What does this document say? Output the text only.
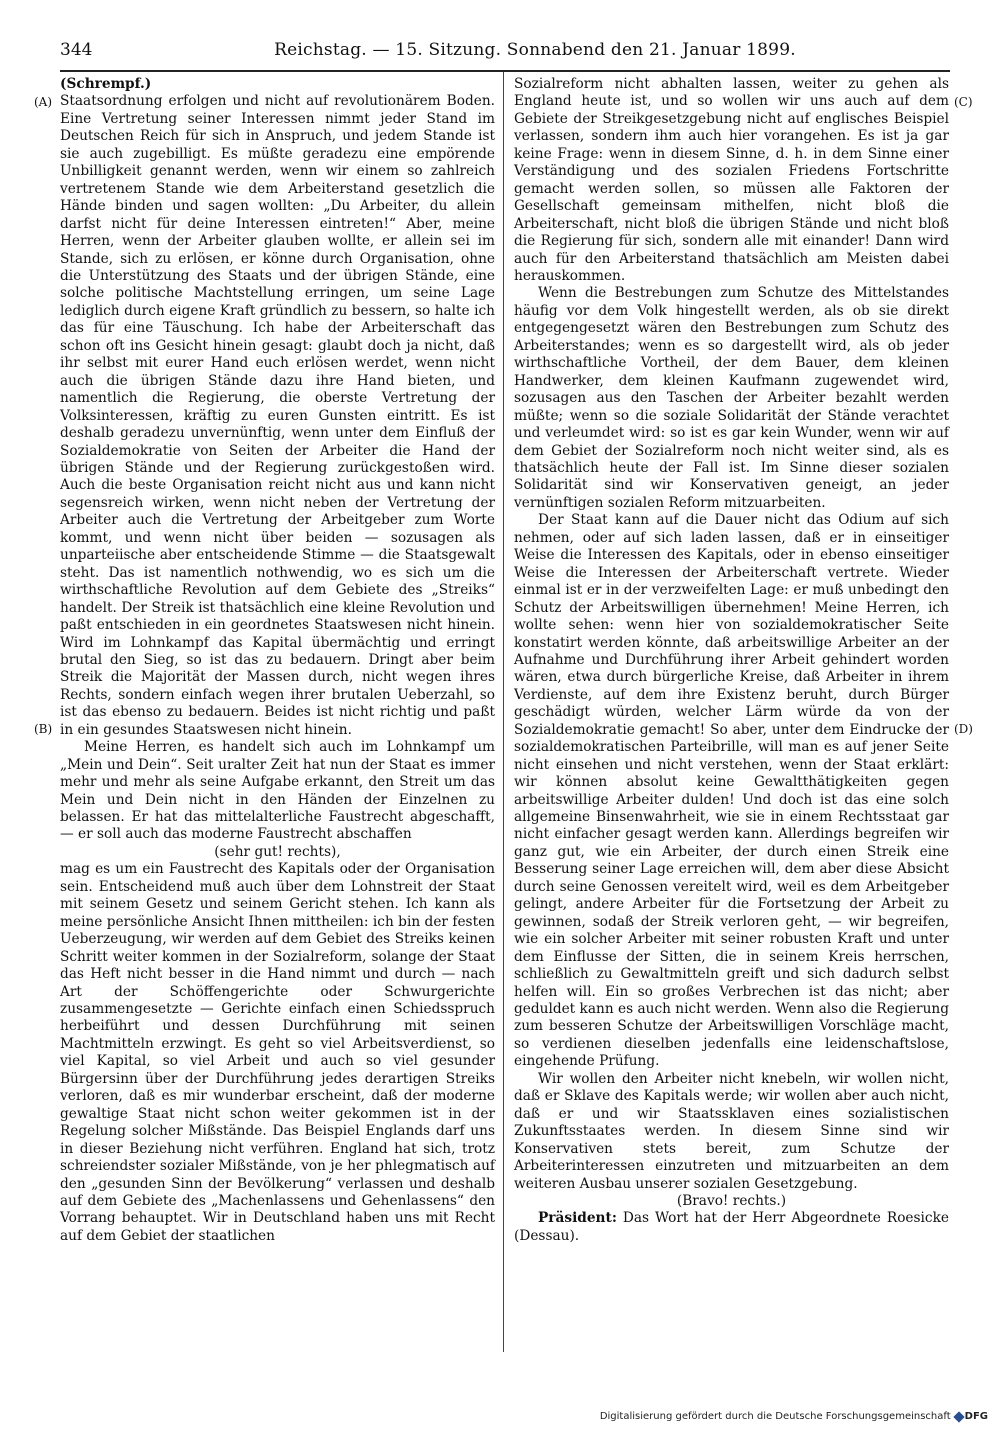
344	Reichstag. — 15. Sitzung. Sonnabend den 21. Januar 1899.
(A)
(B)
(C)
(D)

(Schrempf.)

Staatsordnung erfolgen und nicht auf revolutionärem Boden. Eine Vertretung seiner Interessen nimmt jeder Stand im Deutschen Reich für sich in Anspruch, und jedem Stande ist sie auch zugebilligt. Es müßte geradezu eine empörende Unbilligkeit genannt werden, wenn wir einem so zahlreich vertretenem Stande wie dem Arbeiterstand gesetzlich die Hände binden und sagen wollten: „Du Arbeiter, du allein darfst nicht für deine Interessen eintreten!“ Aber, meine Herren, wenn der Arbeiter glauben wollte, er allein sei im Stande, sich zu erlösen, er könne durch Organisation, ohne die Unterstützung des Staats und der übrigen Stände, eine solche politische Machtstellung erringen, um seine Lage lediglich durch eigene Kraft gründlich zu bessern, so halte ich das für eine Täuschung. Ich habe der Arbeiterschaft das schon oft ins Gesicht hinein gesagt: glaubt doch ja nicht, daß ihr selbst mit eurer Hand euch erlösen werdet, wenn nicht auch die übrigen Stände dazu ihre Hand bieten, und namentlich die Regierung, die oberste Vertretung der Volksinteressen, kräftig zu euren Gunsten eintritt. Es ist deshalb geradezu unvernünftig, wenn unter dem Einfluß der Sozialdemokratie von Seiten der Arbeiter die Hand der übrigen Stände und der Regierung zurückgestoßen wird. Auch die beste Organisation reicht nicht aus und kann nicht segensreich wirken, wenn nicht neben der Vertretung der Arbeiter auch die Vertretung der Arbeitgeber zum Worte kommt, und wenn nicht über beiden — sozusagen als unparteiische aber entscheidende Stimme — die Staatsgewalt steht. Das ist namentlich nothwendig, wo es sich um die wirthschaftliche Revolution auf dem Gebiete des „Streiks“ handelt. Der Streik ist thatsächlich eine kleine Revolution und paßt entschieden in ein geordnetes Staatswesen nicht hinein. Wird im Lohnkampf das Kapital übermächtig und erringt brutal den Sieg, so ist das zu bedauern. Dringt aber beim Streik die Majorität der Massen durch, nicht wegen ihres Rechts, sondern einfach wegen ihrer brutalen Ueberzahl, so ist das ebenso zu bedauern. Beides ist nicht richtig und paßt in ein gesundes Staatswesen nicht hinein.

Meine Herren, es handelt sich auch im Lohnkampf um „Mein und Dein“. Seit uralter Zeit hat nun der Staat es immer mehr und mehr als seine Aufgabe erkannt, den Streit um das Mein und Dein nicht in den Händen der Einzelnen zu belassen. Er hat das mittelalterliche Faustrecht abgeschafft, — er soll auch das moderne Faustrecht abschaffen

(sehr gut! rechts),

mag es um ein Faustrecht des Kapitals oder der Organisation sein. Entscheidend muß auch über dem Lohnstreit der Staat mit seinem Gesetz und seinem Gericht stehen. Ich kann als meine persönliche Ansicht Ihnen mittheilen: ich bin der festen Ueberzeugung, wir werden auf dem Gebiet des Streiks keinen Schritt weiter kommen in der Sozialreform, solange der Staat das Heft nicht besser in die Hand nimmt und durch — nach Art der Schöffengerichte oder Schwurgerichte zusammengesetzte — Gerichte einfach einen Schiedsspruch herbeiführt und dessen Durchführung mit seinen Machtmitteln erzwingt. Es geht so viel Arbeitsverdienst, so viel Kapital, so viel Arbeit und auch so viel gesunder Bürgersinn über der Durchführung jedes derartigen Streiks verloren, daß es mir wunderbar erscheint, daß der moderne gewaltige Staat nicht schon weiter gekommen ist in der Regelung solcher Mißstände. Das Beispiel Englands darf uns in dieser Beziehung nicht verführen. England hat sich, trotz schreiendster sozialer Mißstände, von je her phlegmatisch auf den „gesunden Sinn der Bevölkerung“ verlassen und deshalb auf dem Gebiete des „Machenlassens und Gehenlassens“ den Vorrang behauptet. Wir in Deutschland haben uns mit Recht auf dem Gebiet der staatlichen

Sozialreform nicht abhalten lassen, weiter zu gehen als England heute ist, und so wollen wir uns auch auf dem Gebiete der Streikgesetzgebung nicht auf englisches Beispiel verlassen, sondern ihm auch hier vorangehen. Es ist ja gar keine Frage: wenn in diesem Sinne, d. h. in dem Sinne einer Verständigung und des sozialen Friedens Fortschritte gemacht werden sollen, so müssen alle Faktoren der Gesellschaft gemeinsam mithelfen, nicht bloß die Arbeiterschaft, nicht bloß die übrigen Stände und nicht bloß die Regierung für sich, sondern alle mit einander! Dann wird auch für den Arbeiterstand thatsächlich am Meisten dabei herauskommen.

Wenn die Bestrebungen zum Schutze des Mittelstandes häufig vor dem Volk hingestellt werden, als ob sie direkt entgegengesetzt wären den Bestrebungen zum Schutz des Arbeiterstandes; wenn es so dargestellt wird, als ob jeder wirthschaftliche Vortheil, der dem Bauer, dem kleinen Handwerker, dem kleinen Kaufmann zugewendet wird, sozusagen aus den Taschen der Arbeiter bezahlt werden müßte; wenn so die soziale Solidarität der Stände verachtet und verleumdet wird: so ist es gar kein Wunder, wenn wir auf dem Gebiet der Sozialreform noch nicht weiter sind, als es thatsächlich heute der Fall ist. Im Sinne dieser sozialen Solidarität sind wir Konservativen geneigt, an jeder vernünftigen sozialen Reform mitzuarbeiten.

Der Staat kann auf die Dauer nicht das Odium auf sich nehmen, oder auf sich laden lassen, daß er in einseitiger Weise die Interessen des Kapitals, oder in ebenso einseitiger Weise die Interessen der Arbeiterschaft vertrete. Wieder einmal ist er in der verzweifelten Lage: er muß unbedingt den Schutz der Arbeitswilligen übernehmen! Meine Herren, ich wollte sehen: wenn hier von sozialdemokratischer Seite konstatirt werden könnte, daß arbeitswillige Arbeiter an der Aufnahme und Durchführung ihrer Arbeit gehindert worden wären, etwa durch bürgerliche Kreise, daß Arbeiter in ihrem Verdienste, auf dem ihre Existenz beruht, durch Bürger geschädigt würden, welcher Lärm würde da von der Sozialdemokratie gemacht! So aber, unter dem Eindrucke der sozialdemokratischen Parteibrille, will man es auf jener Seite nicht einsehen und nicht verstehen, wenn der Staat erklärt: wir können absolut keine Gewaltthätigkeiten gegen arbeitswillige Arbeiter dulden! Und doch ist das eine solch allgemeine Binsenwahrheit, wie sie in einem Rechtsstaat gar nicht einfacher gesagt werden kann. Allerdings begreifen wir ganz gut, wie ein Arbeiter, der durch einen Streik eine Besserung seiner Lage erreichen will, dem aber diese Absicht durch seine Genossen vereitelt wird, weil es dem Arbeitgeber gelingt, andere Arbeiter für die Fortsetzung der Arbeit zu gewinnen, sodaß der Streik verloren geht, — wir begreifen, wie ein solcher Arbeiter mit seiner robusten Kraft und unter dem Einflusse der Sitten, die in seinem Kreis herrschen, schließlich zu Gewaltmitteln greift und sich dadurch selbst helfen will. Ein so großes Verbrechen ist das nicht; aber geduldet kann es auch nicht werden. Wenn also die Regierung zum besseren Schutze der Arbeitswilligen Vorschläge macht, so verdienen dieselben jedenfalls eine leidenschaftslose, eingehende Prüfung.

Wir wollen den Arbeiter nicht knebeln, wir wollen nicht, daß er Sklave des Kapitals werde; wir wollen aber auch nicht, daß er und wir Staatssklaven eines sozialistischen Zukunftsstaates werden. In diesem Sinne sind wir Konservativen stets bereit, zum Schutze der Arbeiterinteressen einzutreten und mitzuarbeiten an dem weiteren Ausbau unserer sozialen Gesetzgebung.

(Bravo! rechts.)

Präsident: Das Wort hat der Herr Abgeordnete Roesicke (Dessau).

Digitalisierung gefördert durch die Deutsche Forschungsgemeinschaft DFG
